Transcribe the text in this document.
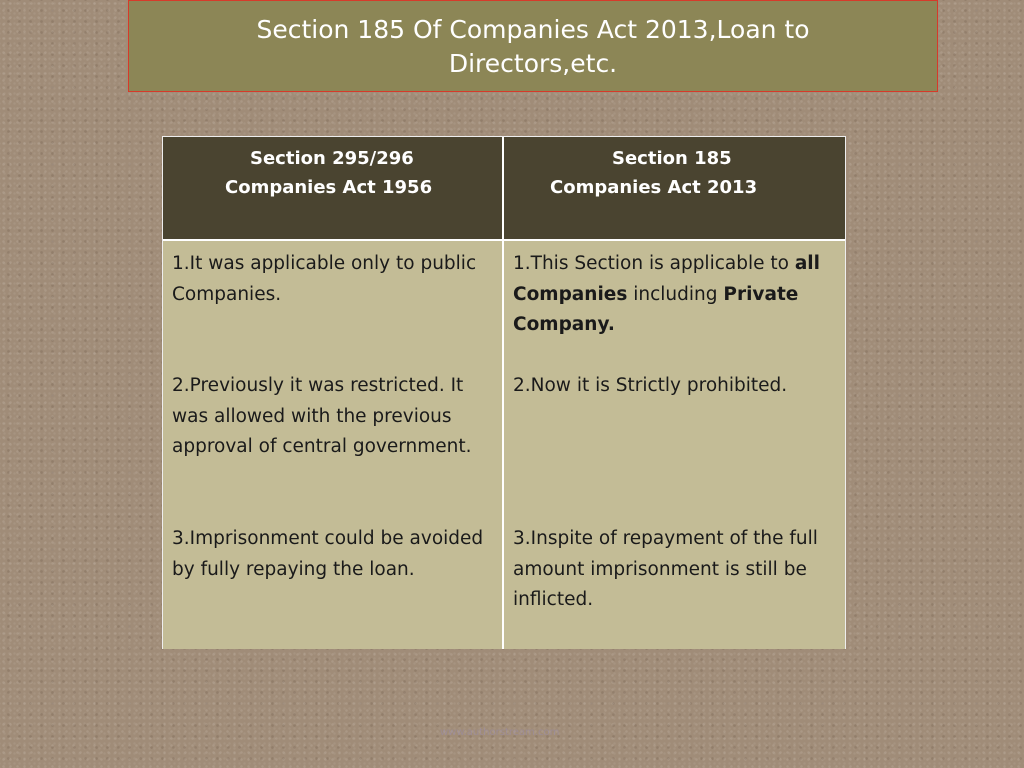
Section 185 Of Companies Act 2013,Loan to Directors,etc.
Section 295/296
Companies Act 1956
Section 185
Companies Act 2013

1.It was applicable only to public Companies.

2.Previously it was restricted. It was allowed with the previous approval of central government.

3.Imprisonment could be avoided by fully repaying the loan.

1.This Section is applicable to all Companies including Private Company.

2.Now it is Strictly prohibited.

3.Inspite of repayment of the full amount imprisonment is still be inflicted.

www.authorstream.com
